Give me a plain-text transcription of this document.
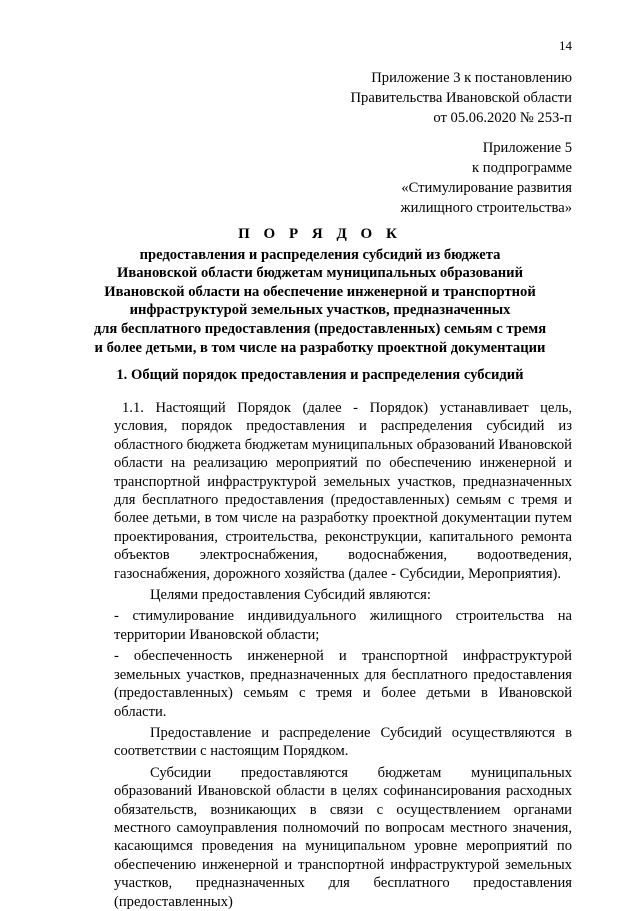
14
Приложение 3 к постановлению
Правительства Ивановской области
от 05.06.2020 № 253-п
Приложение 5
к подпрограмме
«Стимулирование развития
жилищного строительства»
П О Р Я Д О К
предоставления и распределения субсидий из бюджета
Ивановской области бюджетам муниципальных образований
Ивановской области на обеспечение инженерной и транспортной
инфраструктурой земельных участков, предназначенных
для бесплатного предоставления (предоставленных) семьям с тремя
и более детьми, в том числе на разработку проектной документации
1. Общий порядок предоставления и распределения субсидий

1.1. Настоящий Порядок (далее - Порядок) устанавливает цель, условия, порядок предоставления и распределения субсидий из областного бюджета бюджетам муниципальных образований Ивановской области на реализацию мероприятий по обеспечению инженерной и транспортной инфраструктурой земельных участков, предназначенных для бесплатного предоставления (предоставленных) семьям с тремя и более детьми, в том числе на разработку проектной документации путем проектирования, строительства, реконструкции, капитального ремонта объектов электроснабжения, водоснабжения, водоотведения, газоснабжения, дорожного хозяйства (далее - Субсидии, Мероприятия).

Целями предоставления Субсидий являются:

- стимулирование индивидуального жилищного строительства на территории Ивановской области;

- обеспеченность инженерной и транспортной инфраструктурой земельных участков, предназначенных для бесплатного предоставления (предоставленных) семьям с тремя и более детьми в Ивановской области.

Предоставление и распределение Субсидий осуществляются в соответствии с настоящим Порядком.

Субсидии предоставляются бюджетам муниципальных образований Ивановской области в целях софинансирования расходных обязательств, возникающих в связи с осуществлением органами местного самоуправления полномочий по вопросам местного значения, касающимся проведения на муниципальном уровне мероприятий по обеспечению инженерной и транспортной инфраструктурой земельных участков, предназначенных для бесплатного предоставления (предоставленных)
